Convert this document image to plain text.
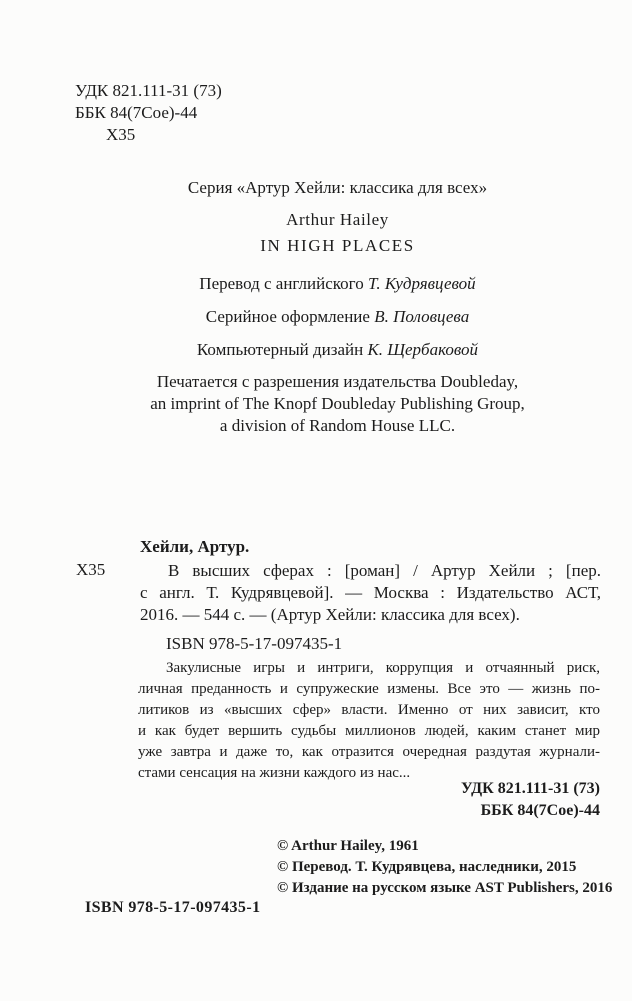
УДК 821.111-31 (73)
ББК 84(7Сое)-44
Х35
Серия «Артур Хейли: классика для всех»
Arthur Hailey
IN HIGH PLACES
Перевод с английского Т. Кудрявцевой
Серийное оформление В. Половцева
Компьютерный дизайн К. Щербаковой
Печатается с разрешения издательства Doubleday,
an imprint of The Knopf Doubleday Publishing Group,
a division of Random House LLC.
Хейли, Артур.
Х35	В высших сферах : [роман] / Артур Хейли ; [пер.
с англ. Т. Кудрявцевой]. — Москва : Издательство АСТ,
2016. — 544 с. — (Артур Хейли: классика для всех).
ISBN 978-5-17-097435-1
Закулисные игры и интриги, коррупция и отчаянный риск,
личная преданность и супружеские измены. Все это — жизнь по-
литиков из «высших сфер» власти. Именно от них зависит, кто
и как будет вершить судьбы миллионов людей, каким станет мир
уже завтра и даже то, как отразится очередная раздутая журнали-
стами сенсация на жизни каждого из нас...
УДК 821.111-31 (73)
ББК 84(7Сое)-44
© Arthur Hailey, 1961
© Перевод. Т. Кудрявцева, наследники, 2015
© Издание на русском языке AST Publishers, 2016
ISBN 978-5-17-097435-1
